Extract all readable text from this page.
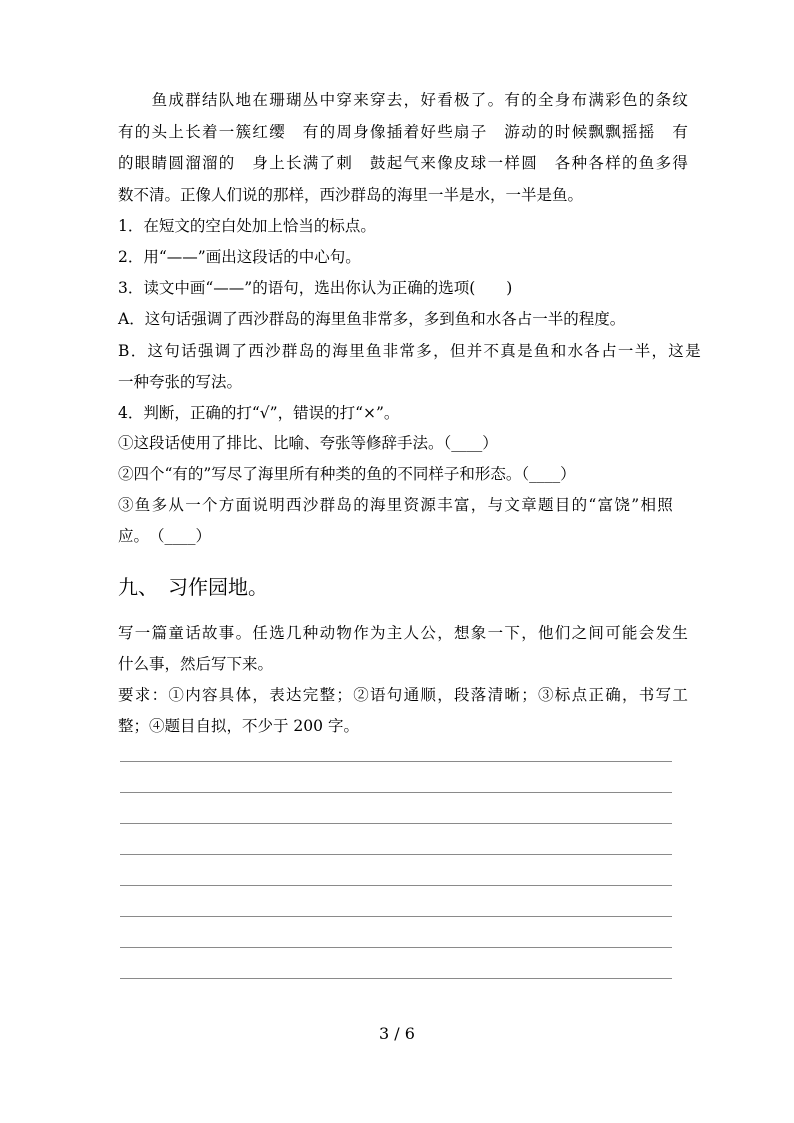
　　鱼成群结队地在珊瑚丛中穿来穿去，好看极了。有的全身布满彩色的条纹
有的头上长着一簇红缨　有的周身像插着好些扇子　游动的时候飘飘摇摇　有
的眼睛圆溜溜的　身上长满了刺　鼓起气来像皮球一样圆　各种各样的鱼多得
数不清。正像人们说的那样，西沙群岛的海里一半是水，一半是鱼。
1．在短文的空白处加上恰当的标点。
2．用“——”画出这段话的中心句。
3．读文中画“——”的语句，选出你认为正确的选项(　　)
A．这句话强调了西沙群岛的海里鱼非常多，多到鱼和水各占一半的程度。
B．这句话强调了西沙群岛的海里鱼非常多，但并不真是鱼和水各占一半，这是
一种夸张的写法。
4．判断，正确的打“√”，错误的打“×”。
①这段话使用了排比、比喻、夸张等修辞手法。（____）
②四个“有的”写尽了海里所有种类的鱼的不同样子和形态。（____）
③鱼多从一个方面说明西沙群岛的海里资源丰富，与文章题目的“富饶”相照
应。　（____）
九、　习作园地。
写一篇童话故事。任选几种动物作为主人公，想象一下，他们之间可能会发生
什么事，然后写下来。
要求：①内容具体，表达完整；②语句通顺，段落清晰；③标点正确，书写工
整；④题目自拟，不少于 200 字。
3 / 6
